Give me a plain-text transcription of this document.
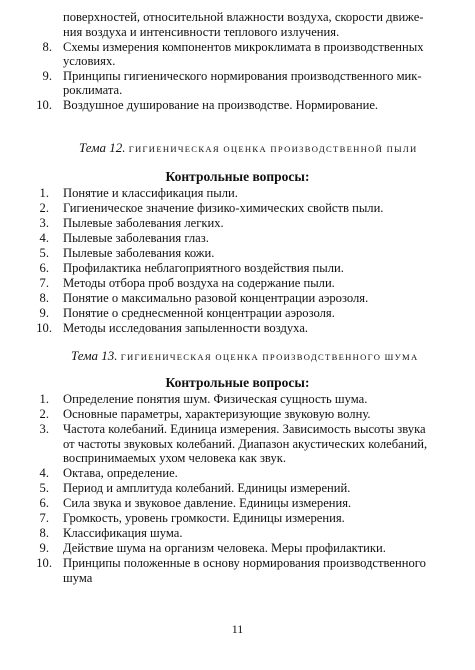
поверхностей, относительной влажности воздуха, скорости движе-
ния воздуха и интенсивности теплового излучения.
8. Схемы измерения компонентов микроклимата в производственных
условиях.
9. Принципы гигиенического нормирования производственного мик-
роклимата.
10. Воздушное душирование на производстве. Нормирование.
Тема 12. ГИГИЕНИЧЕСКАЯ ОЦЕНКА ПРОИЗВОДСТВЕННОЙ ПЫЛИ
Контрольные вопросы:
1. Понятие и классификация пыли.
2. Гигиеническое значение физико-химических свойств пыли.
3. Пылевые заболевания легких.
4. Пылевые заболевания глаз.
5. Пылевые заболевания кожи.
6. Профилактика неблагоприятного воздействия пыли.
7. Методы отбора проб воздуха на содержание пыли.
8. Понятие о максимально разовой концентрации аэрозоля.
9. Понятие о среднесменной концентрации аэрозоля.
10. Методы исследования запыленности воздуха.
Тема 13. ГИГИЕНИЧЕСКАЯ ОЦЕНКА ПРОИЗВОДСТВЕННОГО ШУМА
Контрольные вопросы:
1. Определение понятия шум. Физическая сущность шума.
2. Основные параметры, характеризующие звуковую волну.
3. Частота колебаний. Единица измерения. Зависимость высоты звука
от частоты звуковых колебаний. Диапазон акустических колебаний,
воспринимаемых ухом человека как звук.
4. Октава, определение.
5. Период и амплитуда колебаний. Единицы измерений.
6. Сила звука и звуковое давление. Единицы измерения.
7. Громкость, уровень громкости. Единицы измерения.
8. Классификация шума.
9. Действие шума на организм человека. Меры профилактики.
10. Принципы положенные в основу нормирования производственного
шума
11
